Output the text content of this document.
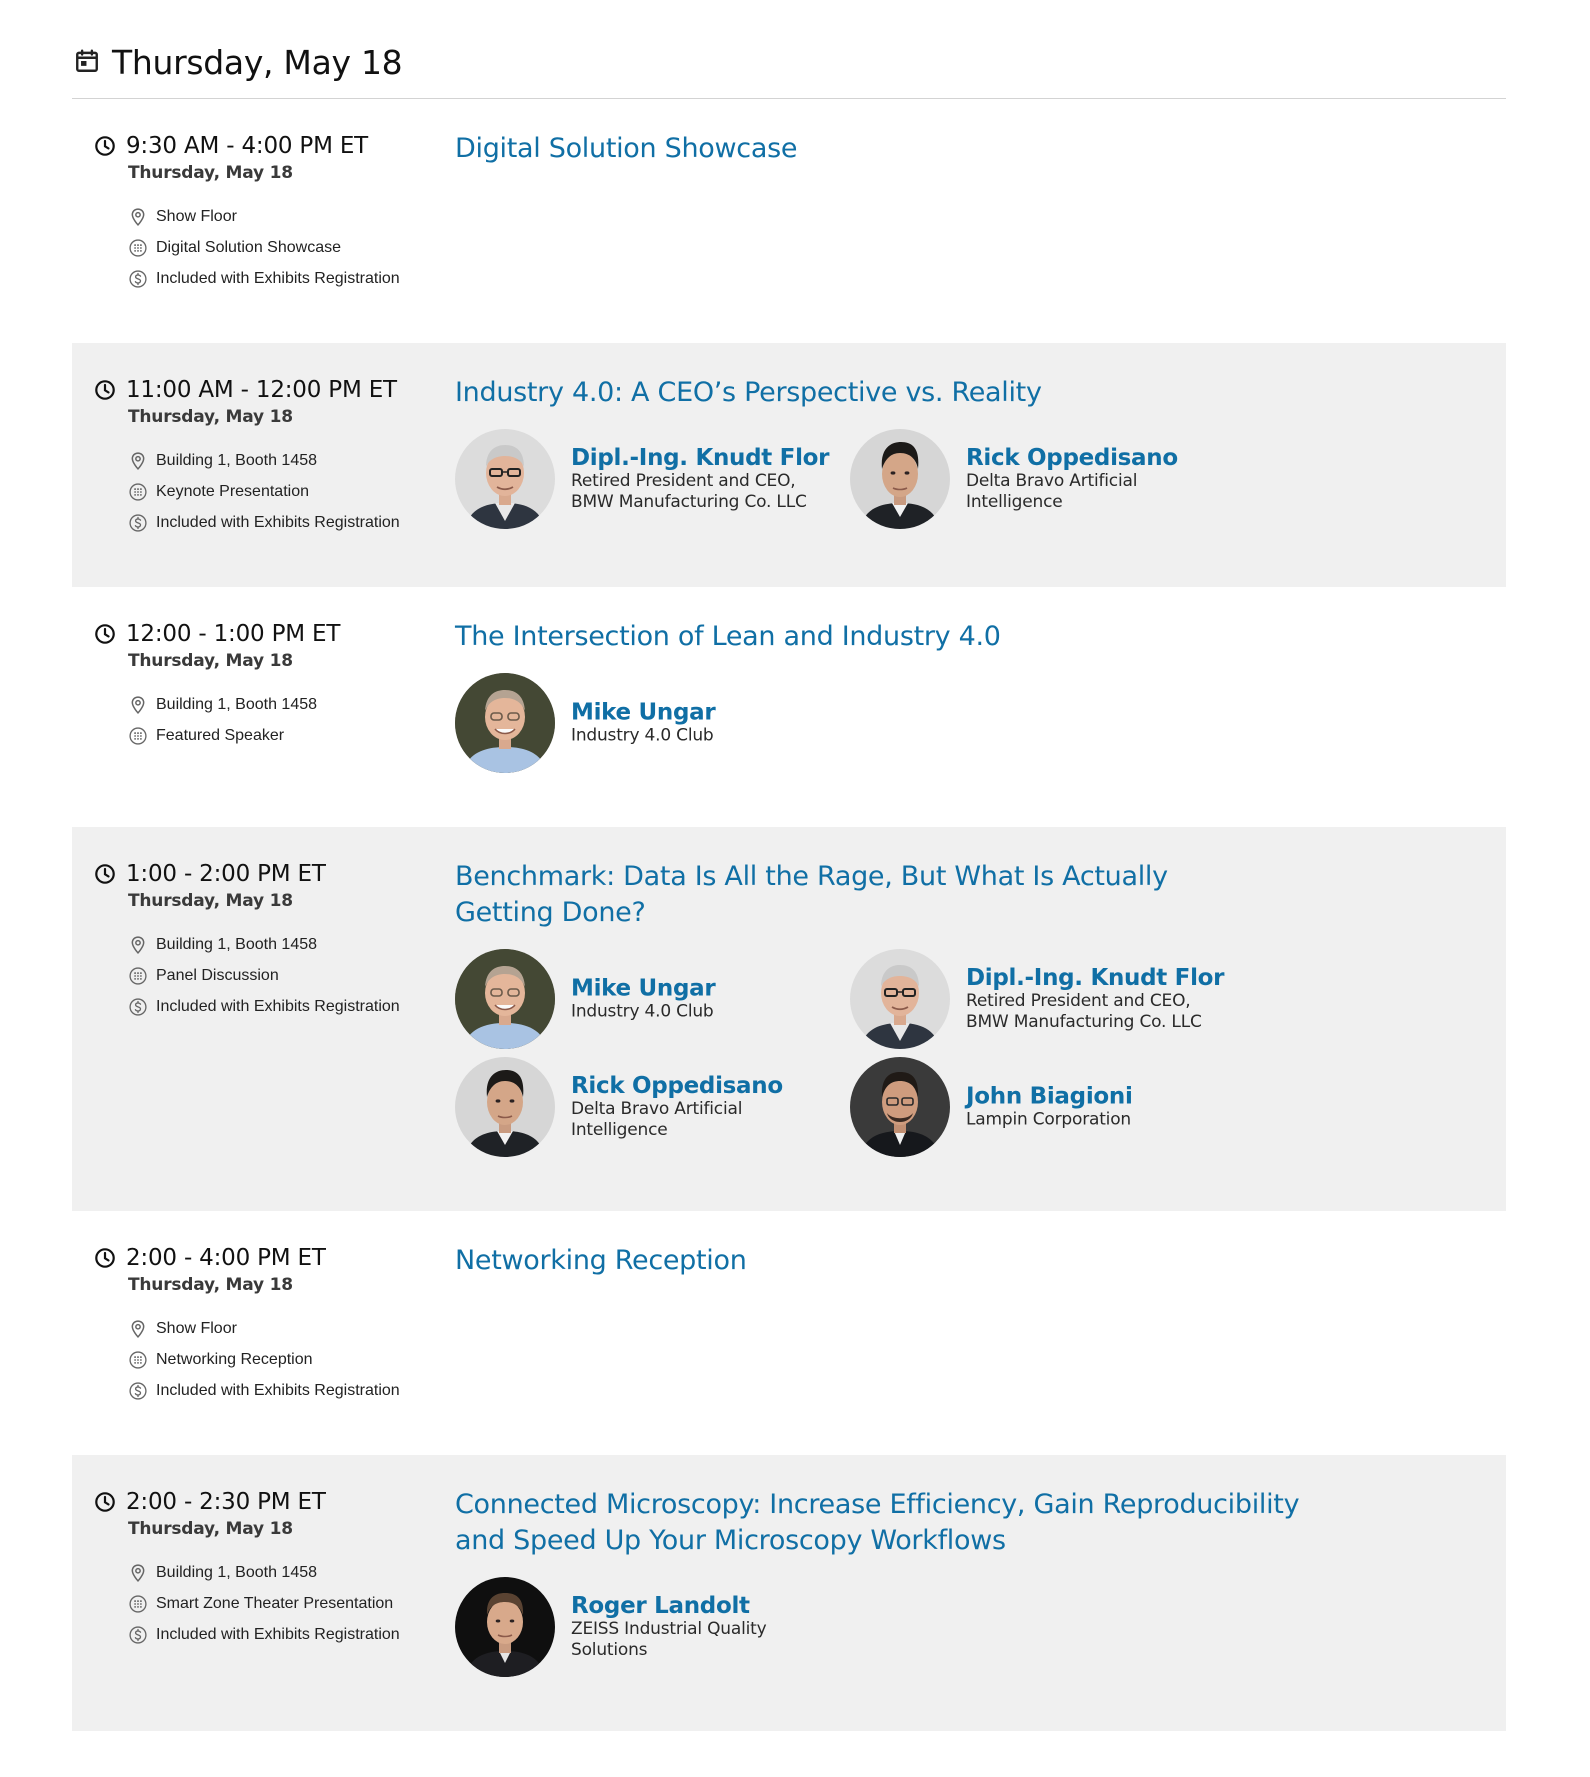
Thursday, May 18
9:30 AM - 4:00 PM ET
Thursday, May 18
Show Floor
Digital Solution Showcase
Included with Exhibits Registration
Digital Solution Showcase
11:00 AM - 12:00 PM ET
Thursday, May 18
Building 1, Booth 1458
Keynote Presentation
Included with Exhibits Registration
Industry 4.0: A CEO’s Perspective vs. Reality
Dipl.-Ing. Knudt Flor
Retired President and CEO, BMW Manufacturing Co. LLC
Rick Oppedisano
Delta Bravo Artificial Intelligence
12:00 - 1:00 PM ET
Thursday, May 18
Building 1, Booth 1458
Featured Speaker
The Intersection of Lean and Industry 4.0
Mike Ungar
Industry 4.0 Club
1:00 - 2:00 PM ET
Thursday, May 18
Building 1, Booth 1458
Panel Discussion
Included with Exhibits Registration
Benchmark: Data Is All the Rage, But What Is Actually Getting Done?
Mike Ungar
Industry 4.0 Club
Dipl.-Ing. Knudt Flor
Retired President and CEO, BMW Manufacturing Co. LLC
Rick Oppedisano
Delta Bravo Artificial Intelligence
John Biagioni
Lampin Corporation
2:00 - 4:00 PM ET
Thursday, May 18
Show Floor
Networking Reception
Included with Exhibits Registration
Networking Reception
2:00 - 2:30 PM ET
Thursday, May 18
Building 1, Booth 1458
Smart Zone Theater Presentation
Included with Exhibits Registration
Connected Microscopy: Increase Efficiency, Gain Reproducibility and Speed Up Your Microscopy Workflows
Roger Landolt
ZEISS Industrial Quality Solutions
